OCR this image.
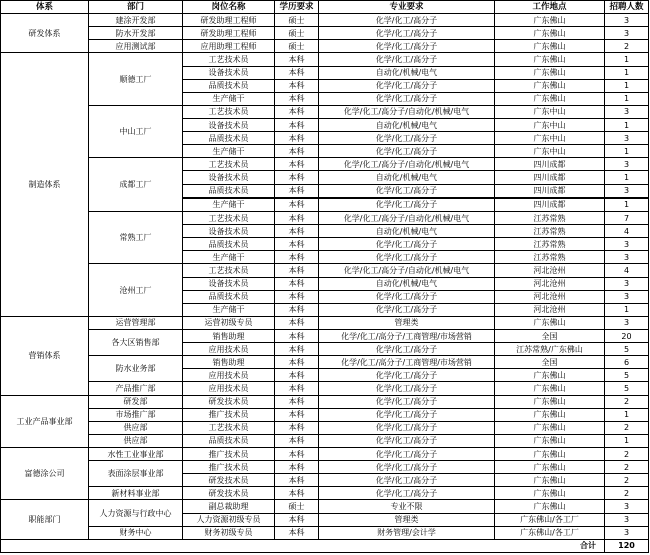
体系	部门	岗位名称	学历要求	专业要求	工作地点	招聘人数
研发体系	建涂开发部	研发助理工程师	硕士	化学/化工/高分子	广东佛山	3
	防水开发部	研发助理工程师	硕士	化学/化工/高分子	广东佛山	3
	应用测试部	应用助理工程师	硕士	化学/化工/高分子	广东佛山	2
制造体系	顺德工厂	工艺技术员	本科	化学/化工/高分子	广东佛山	1
		设备技术员	本科	自动化/机械/电气	广东佛山	1
		品质技术员	本科	化学/化工/高分子	广东佛山	1
		生产储干	本科	化学/化工/高分子	广东佛山	1
	中山工厂	工艺技术员	本科	化学/化工/高分子/自动化/机械/电气	广东中山	3
		设备技术员	本科	自动化/机械/电气	广东中山	1
		品质技术员	本科	化学/化工/高分子	广东中山	3
		生产储干	本科	化学/化工/高分子	广东中山	1
	成都工厂	工艺技术员	本科	化学/化工/高分子/自动化/机械/电气	四川成都	3
		设备技术员	本科	自动化/机械/电气	四川成都	1
		品质技术员	本科	化学/化工/高分子	四川成都	3

		生产储干	本科	化学/化工/高分子	四川成都	1
	常熟工厂	工艺技术员	本科	化学/化工/高分子/自动化/机械/电气	江苏常熟	7
		设备技术员	本科	自动化/机械/电气	江苏常熟	4
		品质技术员	本科	化学/化工/高分子	江苏常熟	3
		生产储干	本科	化学/化工/高分子	江苏常熟	3
	沧州工厂	工艺技术员	本科	化学/化工/高分子/自动化/机械/电气	河北沧州	4
		设备技术员	本科	自动化/机械/电气	河北沧州	3
		品质技术员	本科	化学/化工/高分子	河北沧州	3
		生产储干	本科	化学/化工/高分子	河北沧州	1
营销体系	运营管理部	运营初级专员	本科	管理类	广东佛山	3
	各大区销售部	销售助理	本科	化学/化工/高分子/工商管理/市场营销	全国	20
		应用技术员	本科	化学/化工/高分子	江苏常熟/广东佛山	5
	防水业务部	销售助理	本科	化学/化工/高分子/工商管理/市场营销	全国	6
		应用技术员	本科	化学/化工/高分子	广东佛山	5
	产品推广部	应用技术员	本科	化学/化工/高分子	广东佛山	5
工业产品事业部	研发部	研发技术员	本科	化学/化工/高分子	广东佛山	2
	市场推广部	推广技术员	本科	化学/化工/高分子	广东佛山	1
	供应部	工艺技术员	本科	化学/化工/高分子	广东佛山	2
	供应部	品质技术员	本科	化学/化工/高分子	广东佛山	1
富德涂公司	水性工业事业部	推广技术员	本科	化学/化工/高分子	广东佛山	2
	表面涂层事业部	推广技术员	本科	化学/化工/高分子	广东佛山	2
		研发技术员	本科	化学/化工/高分子	广东佛山	2
	新材料事业部	研发技术员	本科	化学/化工/高分子	广东佛山	2
职能部门	人力资源与行政中心	副总裁助理	硕士	专业不限	广东佛山	3
		人力资源初级专员	本科	管理类	广东佛山/各工厂	3
	财务中心	财务初级专员	本科	财务管理/会计学	广东佛山/各工厂	3
					合计	120
